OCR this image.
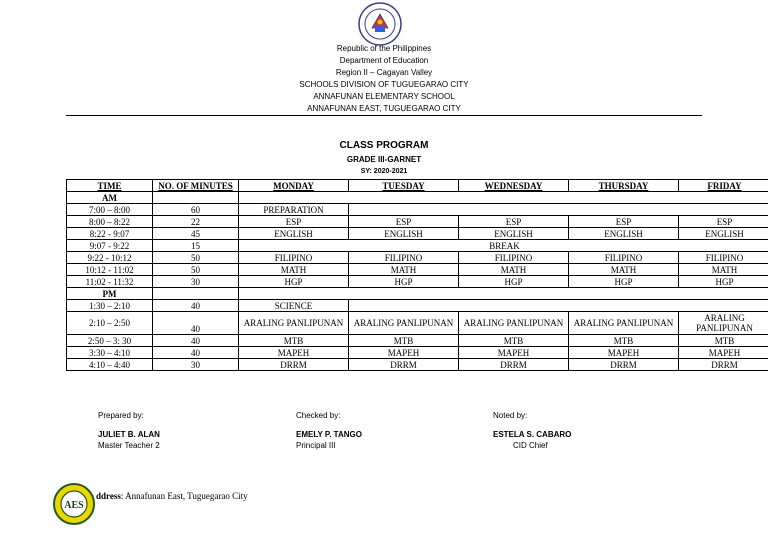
Republic of the Philippines
Department of Education
Region II – Cagayan Valley
SCHOOLS DIVISION OF TUGUEGARAO CITY
ANNAFUNAN ELEMENTARY SCHOOL
ANNAFUNAN EAST, TUGUEGARAO CITY
CLASS PROGRAM
GRADE III-GARNET
SY: 2020-2021
TIME	NO. OF MINUTES	MONDAY	TUESDAY	WEDNESDAY	THURSDAY	FRIDAY
AM						
7:00 – 8:00	60	PREPARATION				
8:00 – 8:22	22	ESP	ESP	ESP	ESP	ESP
8:22 - 9:07	45	ENGLISH	ENGLISH	ENGLISH	ENGLISH	ENGLISH
9:07 - 9:22	15	BREAK				
9:22 - 10:12	50	FILIPINO	FILIPINO	FILIPINO	FILIPINO	FILIPINO
10:12 - 11:02	50	MATH	MATH	MATH	MATH	MATH
11:02 - 11:32	30	HGP	HGP	HGP	HGP	HGP
PM						
1:30 – 2:10	40	SCIENCE				
2:10 – 2:50	40	ARALING PANLIPUNAN	ARALING PANLIPUNAN	ARALING PANLIPUNAN	ARALING PANLIPUNAN	ARALING PANLIPUNAN
2:50 – 3: 30	40	MTB	MTB	MTB	MTB	MTB
3:30 – 4:10	40	MAPEH	MAPEH	MAPEH	MAPEH	MAPEH
4:10 – 4:40	30	DRRM	DRRM	DRRM	DRRM	DRRM
Prepared by:
JULIET B. ALAN
Master Teacher 2
Checked by:
EMELY P. TANGO
Principal III
Noted by:
ESTELA S. CABARO
CID Chief
AES
ddress: Annafunan East, Tuguegarao City
